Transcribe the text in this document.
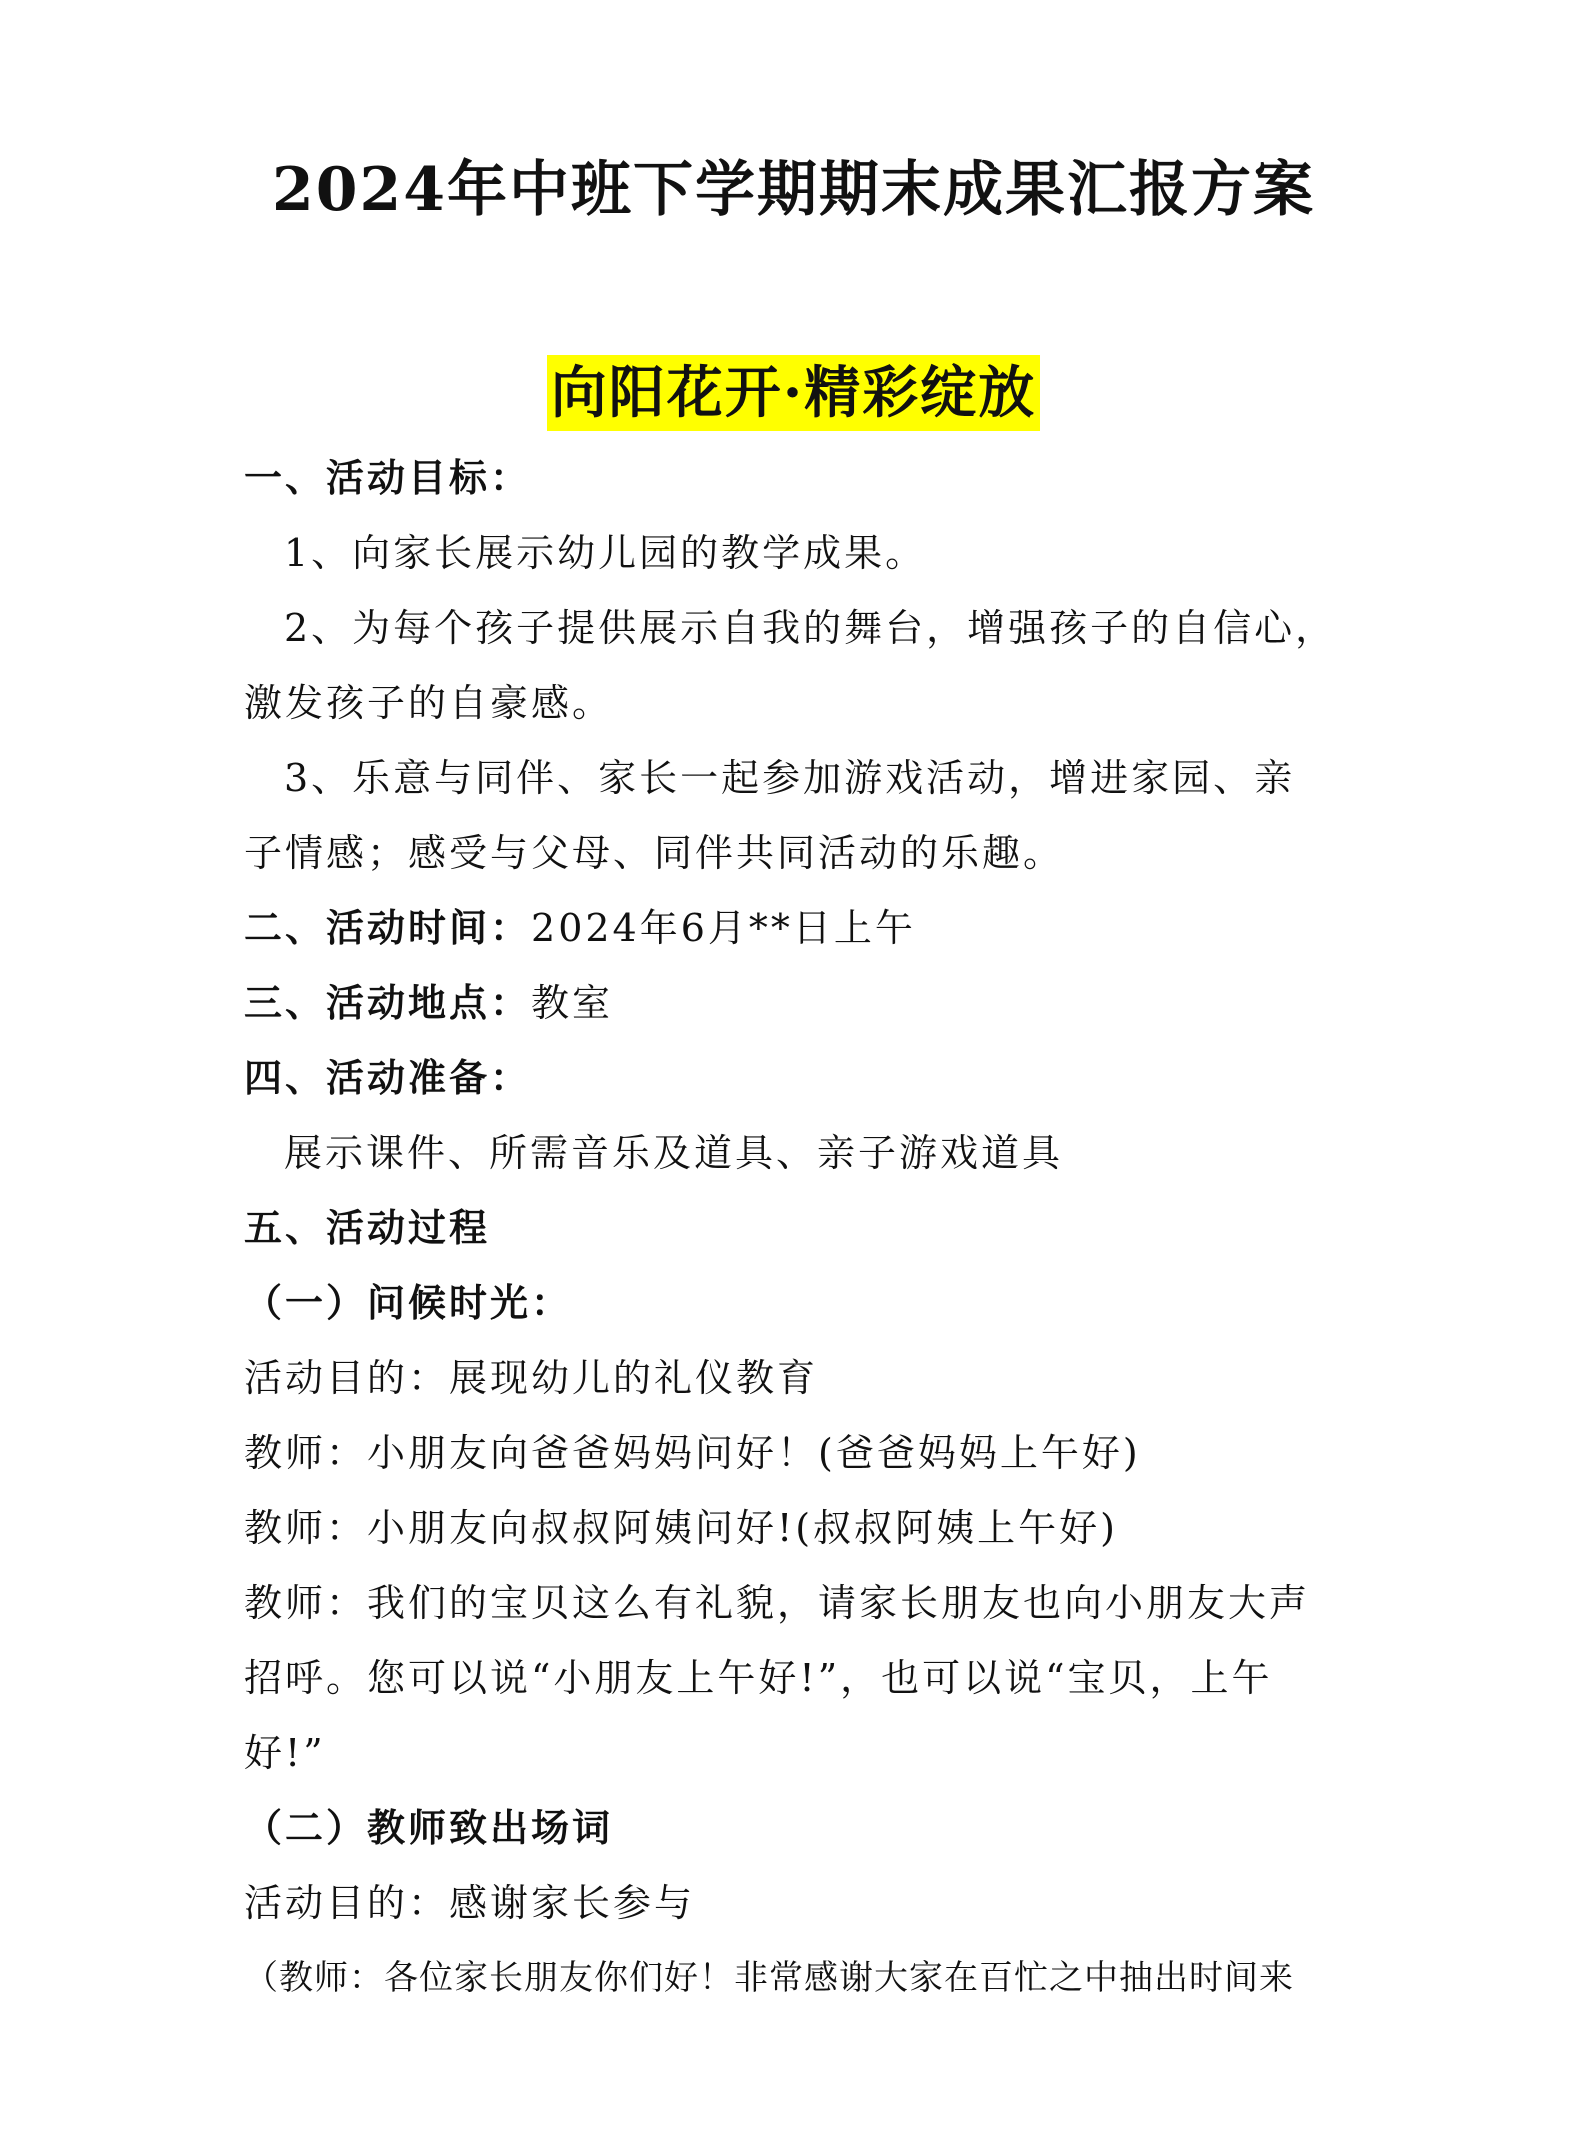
2024年中班下学期期末成果汇报方案
向阳花开·精彩绽放
一、活动目标：
1、向家长展示幼儿园的教学成果。
2、为每个孩子提供展示自我的舞台，增强孩子的自信心，
激发孩子的自豪感。
3、乐意与同伴、家长一起参加游戏活动，增进家园、亲
子情感；感受与父母、同伴共同活动的乐趣。
二、活动时间：2024年6月**日上午
三、活动地点：教室
四、活动准备：
展示课件、所需音乐及道具、亲子游戏道具
五、活动过程
（一）问候时光：
活动目的：展现幼儿的礼仪教育
教师：小朋友向爸爸妈妈问好！(爸爸妈妈上午好)
教师：小朋友向叔叔阿姨问好!(叔叔阿姨上午好)
教师：我们的宝贝这么有礼貌，请家长朋友也向小朋友大声
招呼。您可以说“小朋友上午好!”，也可以说“宝贝，上午
好!”
（二）教师致出场词
活动目的：感谢家长参与
（教师：各位家长朋友你们好！非常感谢大家在百忙之中抽出时间来
